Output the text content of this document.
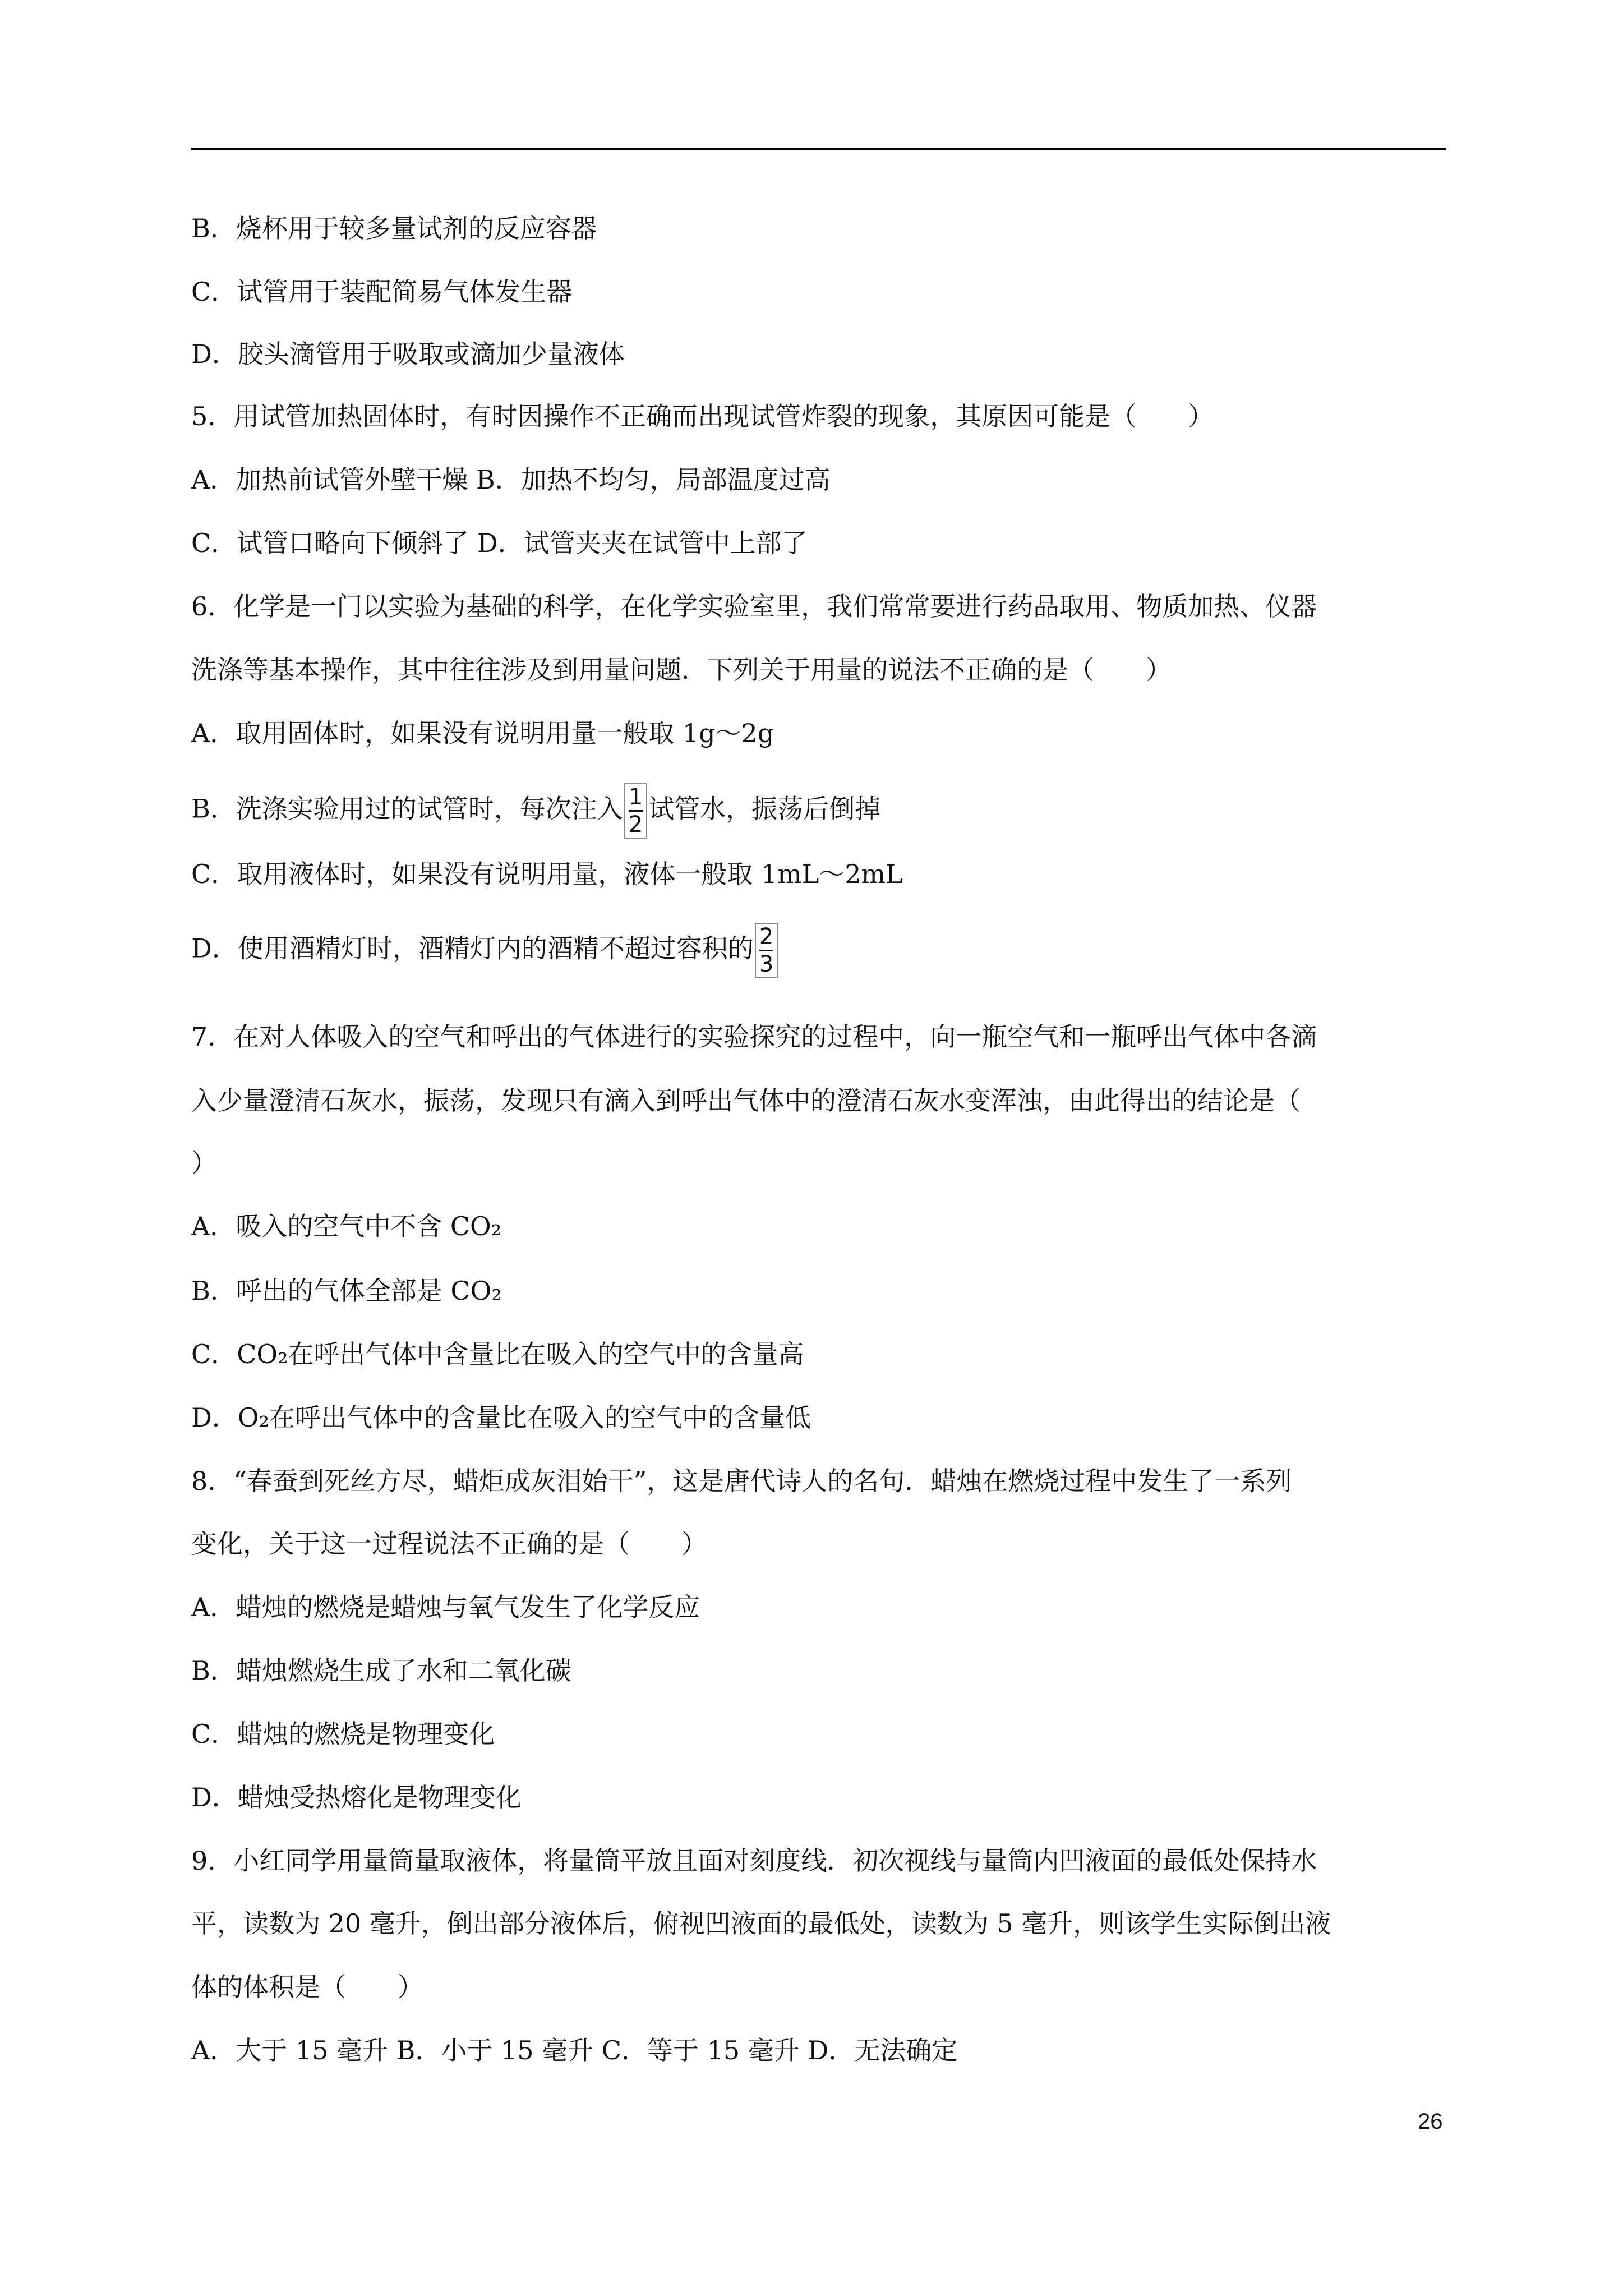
B．烧杯用于较多量试剂的反应容器
C．试管用于装配简易气体发生器
D．胶头滴管用于吸取或滴加少量液体
5．用试管加热固体时，有时因操作不正确而出现试管炸裂的现象，其原因可能是（　　）
A．加热前试管外壁干燥 B．加热不均匀，局部温度过高
C．试管口略向下倾斜了 D．试管夹夹在试管中上部了
6．化学是一门以实验为基础的科学，在化学实验室里，我们常常要进行药品取用、物质加热、仪器
洗涤等基本操作，其中往往涉及到用量问题．下列关于用量的说法不正确的是（　　）
A．取用固体时，如果没有说明用量一般取 1g～2g
B．洗涤实验用过的试管时，每次注入 $\frac{1}{2}$ 试管水，振荡后倒掉
C．取用液体时，如果没有说明用量，液体一般取 1mL～2mL
D．使用酒精灯时，酒精灯内的酒精不超过容积的 $\frac{2}{3}$
7．在对人体吸入的空气和呼出的气体进行的实验探究的过程中，向一瓶空气和一瓶呼出气体中各滴
入少量澄清石灰水，振荡，发现只有滴入到呼出气体中的澄清石灰水变浑浊，由此得出的结论是（
）
A．吸入的空气中不含 CO₂
B．呼出的气体全部是 CO₂
C．CO₂在呼出气体中含量比在吸入的空气中的含量高
D．O₂在呼出气体中的含量比在吸入的空气中的含量低
8．“春蚕到死丝方尽，蜡炬成灰泪始干”，这是唐代诗人的名句．蜡烛在燃烧过程中发生了一系列
变化，关于这一过程说法不正确的是（　　）
A．蜡烛的燃烧是蜡烛与氧气发生了化学反应
B．蜡烛燃烧生成了水和二氧化碳
C．蜡烛的燃烧是物理变化
D．蜡烛受热熔化是物理变化
9．小红同学用量筒量取液体，将量筒平放且面对刻度线．初次视线与量筒内凹液面的最低处保持水
平，读数为 20 毫升，倒出部分液体后，俯视凹液面的最低处，读数为 5 毫升，则该学生实际倒出液
体的体积是（　　）
A．大于 15 毫升 B．小于 15 毫升 C．等于 15 毫升 D．无法确定
26
